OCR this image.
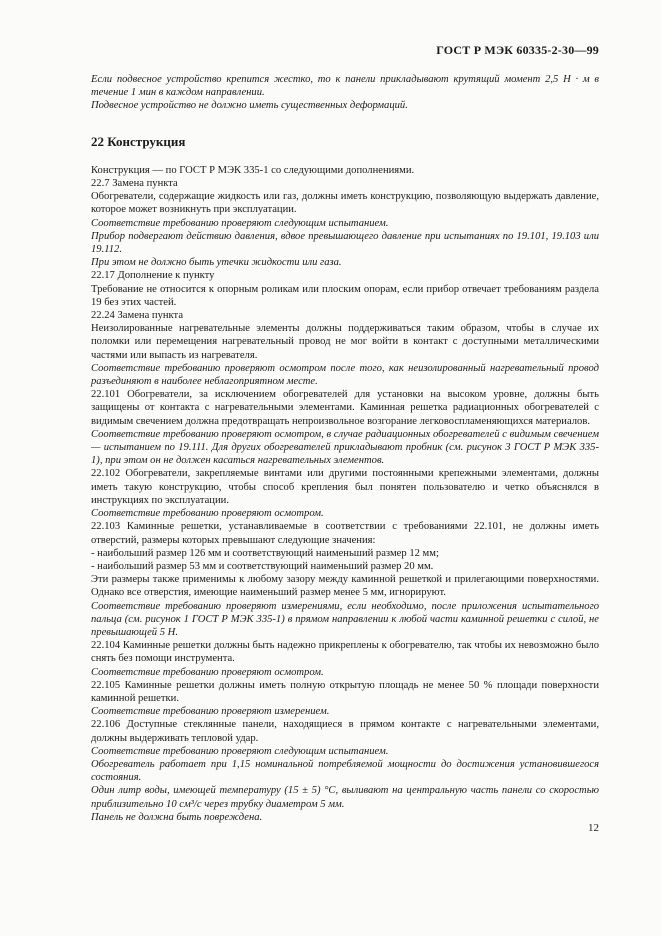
ГОСТ Р МЭК 60335-2-30—99

Если подвесное устройство крепится жестко, то к панели прикладывают крутящий момент 2,5 Н · м в течение 1 мин в каждом направлении.

Подвесное устройство не должно иметь существенных деформаций.

22 Конструкция

Конструкция — по ГОСТ Р МЭК 335-1 со следующими дополнениями.

22.7 Замена пункта

Обогреватели, содержащие жидкость или газ, должны иметь конструкцию, позволяющую выдержать давление, которое может возникнуть при эксплуатации.

Соответствие требованию проверяют следующим испытанием.

Прибор подвергают действию давления, вдвое превышающего давление при испытаниях по 19.101, 19.103 или 19.112.

При этом не должно быть утечки жидкости или газа.

22.17 Дополнение к пункту

Требование не относится к опорным роликам или плоским опорам, если прибор отвечает требованиям раздела 19 без этих частей.

22.24 Замена пункта

Неизолированные нагревательные элементы должны поддерживаться таким образом, чтобы в случае их поломки или перемещения нагревательный провод не мог войти в контакт с доступными металлическими частями или выпасть из нагревателя.

Соответствие требованию проверяют осмотром после того, как неизолированный нагревательный провод разъединяют в наиболее неблагоприятном месте.

22.101 Обогреватели, за исключением обогревателей для установки на высоком уровне, должны быть защищены от контакта с нагревательными элементами. Каминная решетка радиационных обогревателей с видимым свечением должна предотвращать непроизвольное возгорание легковоспламеняющихся материалов.

Соответствие требованию проверяют осмотром, в случае радиационных обогревателей с видимым свечением — испытанием по 19.111. Для других обогревателей прикладывают пробник (см. рисунок 3 ГОСТ Р МЭК 335-1), при этом он не должен касаться нагревательных элементов.

22.102 Обогреватели, закрепляемые винтами или другими постоянными крепежными элементами, должны иметь такую конструкцию, чтобы способ крепления был понятен пользователю и четко объяснялся в инструкциях по эксплуатации.

Соответствие требованию проверяют осмотром.

22.103 Каминные решетки, устанавливаемые в соответствии с требованиями 22.101, не должны иметь отверстий, размеры которых превышают следующие значения:

- наибольший размер 126 мм и соответствующий наименьший размер 12 мм;

- наибольший размер 53 мм и соответствующий наименьший размер 20 мм.

Эти размеры также применимы к любому зазору между каминной решеткой и прилегающими поверхностями. Однако все отверстия, имеющие наименьший размер менее 5 мм, игнорируют.

Соответствие требованию проверяют измерениями, если необходимо, после приложения испытательного пальца (см. рисунок 1 ГОСТ Р МЭК 335-1) в прямом направлении к любой части каминной решетки с силой, не превышающей 5 Н.

22.104 Каминные решетки должны быть надежно прикреплены к обогревателю, так чтобы их невозможно было снять без помощи инструмента.

Соответствие требованию проверяют осмотром.

22.105 Каминные решетки должны иметь полную открытую площадь не менее 50 % площади поверхности каминной решетки.

Соответствие требованию проверяют измерением.

22.106 Доступные стеклянные панели, находящиеся в прямом контакте с нагревательными элементами, должны выдерживать тепловой удар.

Соответствие требованию проверяют следующим испытанием.

Обогреватель работает при 1,15 номинальной потребляемой мощности до достижения установившегося состояния.

Один литр воды, имеющей температуру (15 ± 5) °С, выливают на центральную часть панели со скоростью приблизительно 10 см³/с через трубку диаметром 5 мм.

Панель не должна быть повреждена.

12
